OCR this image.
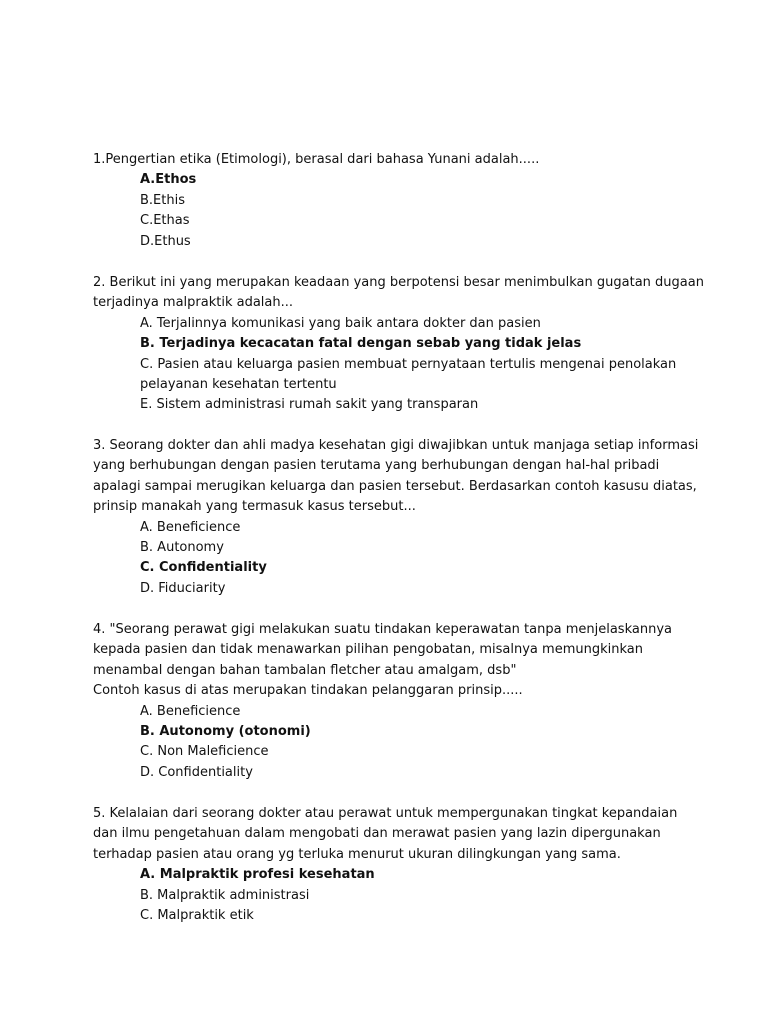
1.Pengertian etika (Etimologi), berasal dari bahasa Yunani adalah.....
A.Ethos
B.Ethis
C.Ethas
D.Ethus
2. Berikut ini yang merupakan keadaan yang berpotensi besar menimbulkan gugatan dugaan
terjadinya malpraktik adalah...
A. Terjalinnya komunikasi yang baik antara dokter dan pasien
B. Terjadinya kecacatan fatal dengan sebab yang tidak jelas
C. Pasien atau keluarga pasien membuat pernyataan tertulis mengenai penolakan
pelayanan kesehatan tertentu
E. Sistem administrasi rumah sakit yang transparan
3. Seorang dokter dan ahli madya kesehatan gigi diwajibkan untuk manjaga setiap informasi
yang berhubungan dengan pasien terutama yang berhubungan dengan hal-hal pribadi
apalagi sampai merugikan keluarga dan pasien tersebut. Berdasarkan contoh kasusu diatas,
prinsip manakah yang termasuk kasus tersebut...
A. Beneficience
B. Autonomy
C. Confidentiality
D. Fiduciarity
4. "Seorang perawat gigi melakukan suatu tindakan keperawatan tanpa menjelaskannya
kepada pasien dan tidak menawarkan pilihan pengobatan, misalnya memungkinkan
menambal dengan bahan tambalan fletcher atau amalgam, dsb"
Contoh kasus di atas merupakan tindakan pelanggaran prinsip.....
A. Beneficience
B. Autonomy (otonomi)
C. Non Maleficience
D. Confidentiality
5. Kelalaian dari seorang dokter atau perawat untuk mempergunakan tingkat kepandaian
dan ilmu pengetahuan dalam mengobati dan merawat pasien yang lazin dipergunakan
terhadap pasien atau orang yg terluka menurut ukuran dilingkungan yang sama.
A. Malpraktik profesi kesehatan
B. Malpraktik administrasi
C. Malpraktik etik
